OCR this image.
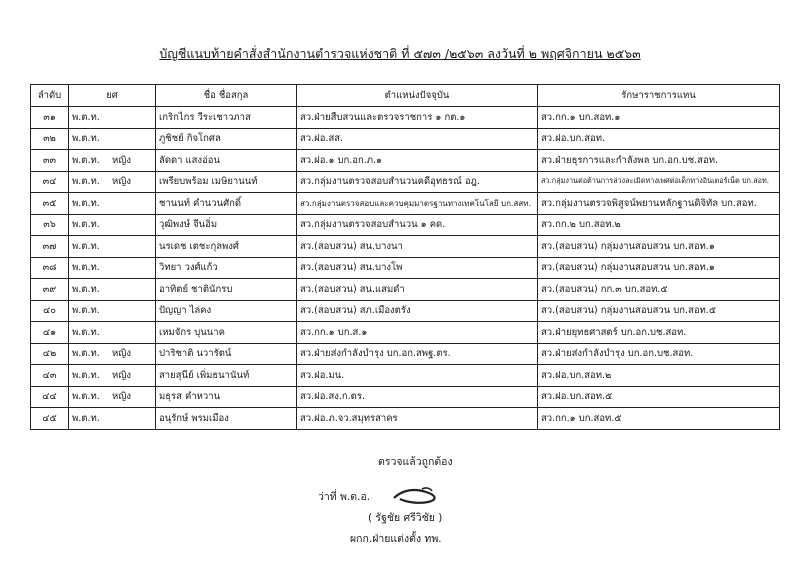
บัญชีแนบท้ายคำสั่งสำนักงานตำรวจแห่งชาติ ที่ ๕๗๓ /๒๕๖๓ ลงวันที่ ๒ พฤศจิกายน ๒๕๖๓
ลำดับ	ยศ	ชื่อ ชื่อสกุล	ตำแหน่งปัจจุบัน	รักษาราชการแทน
๓๑	พ.ต.ท.	เกริกไกร วีระเชาวภาส	สว.ฝ่ายสืบสวนและตรวจราชการ ๑ กต.๑	สว.กก.๑ บก.สอท.๑
๓๒	พ.ต.ท.	ภูชิชย์ กิจโกศล	สว.ฝอ.สส.	สว.ฝอ.บก.สอท.
๓๓	พ.ต.ท. หญิง	ลัดดา แสงอ่อน	สว.ฝอ.๑ บก.อก.ภ.๑	สว.ฝ่ายธุรการและกำลังพล บก.อก.บช.สอท.
๓๔	พ.ต.ท. หญิง	เพรียบพร้อม เมษิยานนท์	สว.กลุ่มงานตรวจสอบสำนวนคดีอุทธรณ์ อฎ.	สว.กลุ่มงานต่อต้านการล่วงละเมิดทางเพศต่อเด็กทางอินเตอร์เน็ต บก.สอท.
๓๕	พ.ต.ท.	ชานนท์ คำนวนศักดิ์	สว.กลุ่มงานตรวจสอบและควบคุมมาตรฐานทางเทคโนโลยี บก.สสท.	สว.กลุ่มงานตรวจพิสูจน์พยานหลักฐานดิจิทัล บก.สอท.
๓๖	พ.ต.ท.	วุฒิพงษ์ จีนอิ่ม	สว.กลุ่มงานตรวจสอบสำนวน ๑ คด.	สว.กก.๒ บก.สอท.๒
๓๗	พ.ต.ท.	นรเดช เตชะกุลพงศ์	สว.(สอบสวน) สน.บางนา	สว.(สอบสวน) กลุ่มงานสอบสวน บก.สอท.๑
๓๘	พ.ต.ท.	วิทยา วงศ์แก้ว	สว.(สอบสวน) สน.บางโพ	สว.(สอบสวน) กลุ่มงานสอบสวน บก.สอท.๑
๓๙	พ.ต.ท.	อาทิตย์ ชาตินักรบ	สว.(สอบสวน) สน.แสมดำ	สว.(สอบสวน) กก.๓ บก.สอท.๕
๔๐	พ.ต.ท.	ปัญญา ไล่คง	สว.(สอบสวน) สภ.เมืองตรัง	สว.(สอบสวน) กลุ่มงานสอบสวน บก.สอท.๕
๔๑	พ.ต.ท.	เหมจักร บุนนาค	สว.กก.๑ บก.ส.๑	สว.ฝ่ายยุทธศาสตร์ บก.อก.บช.สอท.
๔๒	พ.ต.ท. หญิง	ปาริชาติ นวารัตน์	สว.ฝ่ายส่งกำลังบำรุง บก.อก.สพฐ.ตร.	สว.ฝ่ายส่งกำลังบำรุง บก.อก.บช.สอท.
๔๓	พ.ต.ท. หญิง	สายสุนีย์ เพิ่มธนานันท์	สว.ฝอ.มน.	สว.ฝอ.บก.สอท.๒
๔๔	พ.ต.ท. หญิง	มธุรส คำหวาน	สว.ฝอ.สง.ก.ตร.	สว.ฝอ.บก.สอท.๕
๔๕	พ.ต.ท.	อนุรักษ์ พรมเมือง	สว.ฝอ.ภ.จว.สมุทรสาคร	สว.กก.๑ บก.สอท.๕
ตรวจแล้วถูกต้อง
ว่าที่ พ.ต.อ.
( รัฐชัย ศรีวิชัย )
ผกก.ฝ่ายแต่งตั้ง ทพ.
